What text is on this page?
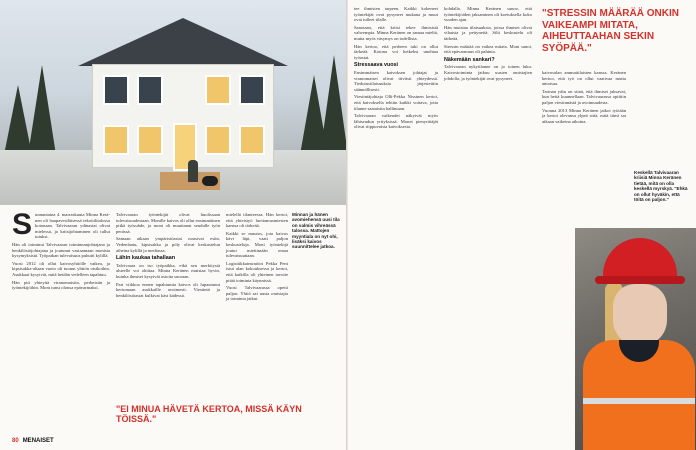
S unnuntaina 4. marraskuuta Minna Keränen oli haapavesiläisessä tekotiilitalossa kotonaan. Talvivaaran ydinasiat olivat mielessä, ja kriisijohtaminen oli tullut tutuksi.

Hän oli toiminut Talvivaaran toiminnanjohtajana ja henkilöstöjohtajana ja joutunut vastaamaan monista kysymyksistä. Työpaikan tulevaisuus puhutti kylillä.

Vuosi 2012 oli ollut kaivosyhtiölle vaikea, ja kipsisakka-altaan vuoto oli tuonut yhtiön otsikoihin. Asukkaat kysyivät, mitä heidän vedelleen tapahtuu.

Hän piti yhteyttä viranomaisiin, perheisiin ja työntekijöihin. Moni tunsi olonsa epävarmaksi.

Talvivaaran työntekijät olivat huolissaan tulevaisuudestaan. Monille kaivos oli ollut ensimmäinen pitkä työsuhde, ja moni oli muuttanut seudulle työn perässä.

Samaan aikaan ympäristöasiat nousivat esiin. Vedenlaatu, kipsisakka ja pöly olivat keskustelun aiheina kylillä ja mediassa.

Lähin kaukaa tahallaan

Talvivaara on iso työpaikka, eikä sen merkitystä alueelle voi ohittaa. Minna Keränen muistaa hyvin, kuinka ihmiset kysyivät asioita suoraan.

Pari viikkoa ennen tapahtumia kaivos oli lupautunut kertomaan asukkaille avoimesti. Viestintä ja henkilöstöasiat kulkivat käsi kädessä.

mielellä tilanteessa. Hän kertoi, että yhteistyö luottamusmiesten kanssa oli tärkeää.

Kaikki se muutos, jota kaivos kävi läpi, vaati paljon keskusteluja. Moni työntekijä joutui miettimään omaa tulevaisuuttaan.

Logistiikkainsinööri Pekka Peni istui alan kokouksessa ja kertoi, että kaikilla oli yhteinen tavoite pitää toiminta käynnissä.

Vuosi Talvivaarassa opetti paljon. Yhtiö sai uusia omistajia ja toiminta jatkui.

Minnan ja hänen avomiehensä uusi tila on valmis vihreässä talossa. Mattojen myyntiala on nyt ohi, lisäksi kaivos suunnittelee jatkoa.
"EI MINUA HÄVETÄ KERTOA, MISSÄ KÄYN TÖISSÄ."
80 MENAISET

tee ihmisten tarpeen. Kaikki kokeneet työntekijät ovat pysyneet mukana ja muut ovat tulleet tilalle.

Sanotaan, että kriisi tekee ihmisistä vahvempia. Minna Keränen on samaa mieltä, mutta myös väsymys on todellista.

Hän kertoo, että perheen tuki on ollut tärkeää. Kotona voi hetkeksi unohtaa työasiat.

Stressaava vuosi

Ensimmäisen kaivoksen johtajat ja viranomaiset olivat tiiviisti yhteydessä. Tiedotustilaisuuksia järjestettiin säännöllisesti.

Viestintäjohtaja Olli-Pekka Nissinen kertoi, että kaivoksella tehtiin kaikki voitava, jotta tilanne saataisiin hallintaan.

Talvivaaran vaikeudet näkyivät myös lähiseudun yrityksissä. Monet pienyrittäjät olivat riippuvaisia kaivoksesta.

kohdalla. Minna Keränen sanoo, että työntekijöiden jaksaminen oli koetuksella koko vuoden ajan.

Hän muistaa tilaisuuksia, joissa ihmiset olivat vihaisia ja pettyneitä. Silti keskustelu oli tärkeää.

Stressin määrää on vaikea mitata. Moni sanoi, että epävarmuus oli pahinta.

Näkemään sankari?

Talvivaaran nykytilanne on jo toinen luku. Kaivostoiminta jatkuu uusien omistajien johdolla, ja työntekijät ovat pysyneet.

"STRESSIN MÄÄRÄÄ ONKIN VAIKEAMPI MITATA, AIHEUTTAAHAN SEKIN SYÖPÄÄ."

kaivosalan ammattilaisten kanssa. Keränen kertoo, että työ on ollut vaativaa mutta antoisaa.

Tarinan ydin on siinä, että ihmiset jaksavat, kun heitä kuunnellaan. Talvivaarassa opittiin paljon viestinnästä ja avoimuudesta.

Vuonna 2013 Minna Keränen jatkoi työtään ja kertoi olevansa ylpeä siitä, mitä tiimi sai aikaan vaikeina aikoina.

Keskellä Talvivaaran kriisiä Minna Keränen tietää, mitä on olla keskellä myrskyä. "Ehkä on ollut hyväkin, että töitä on paljon."
